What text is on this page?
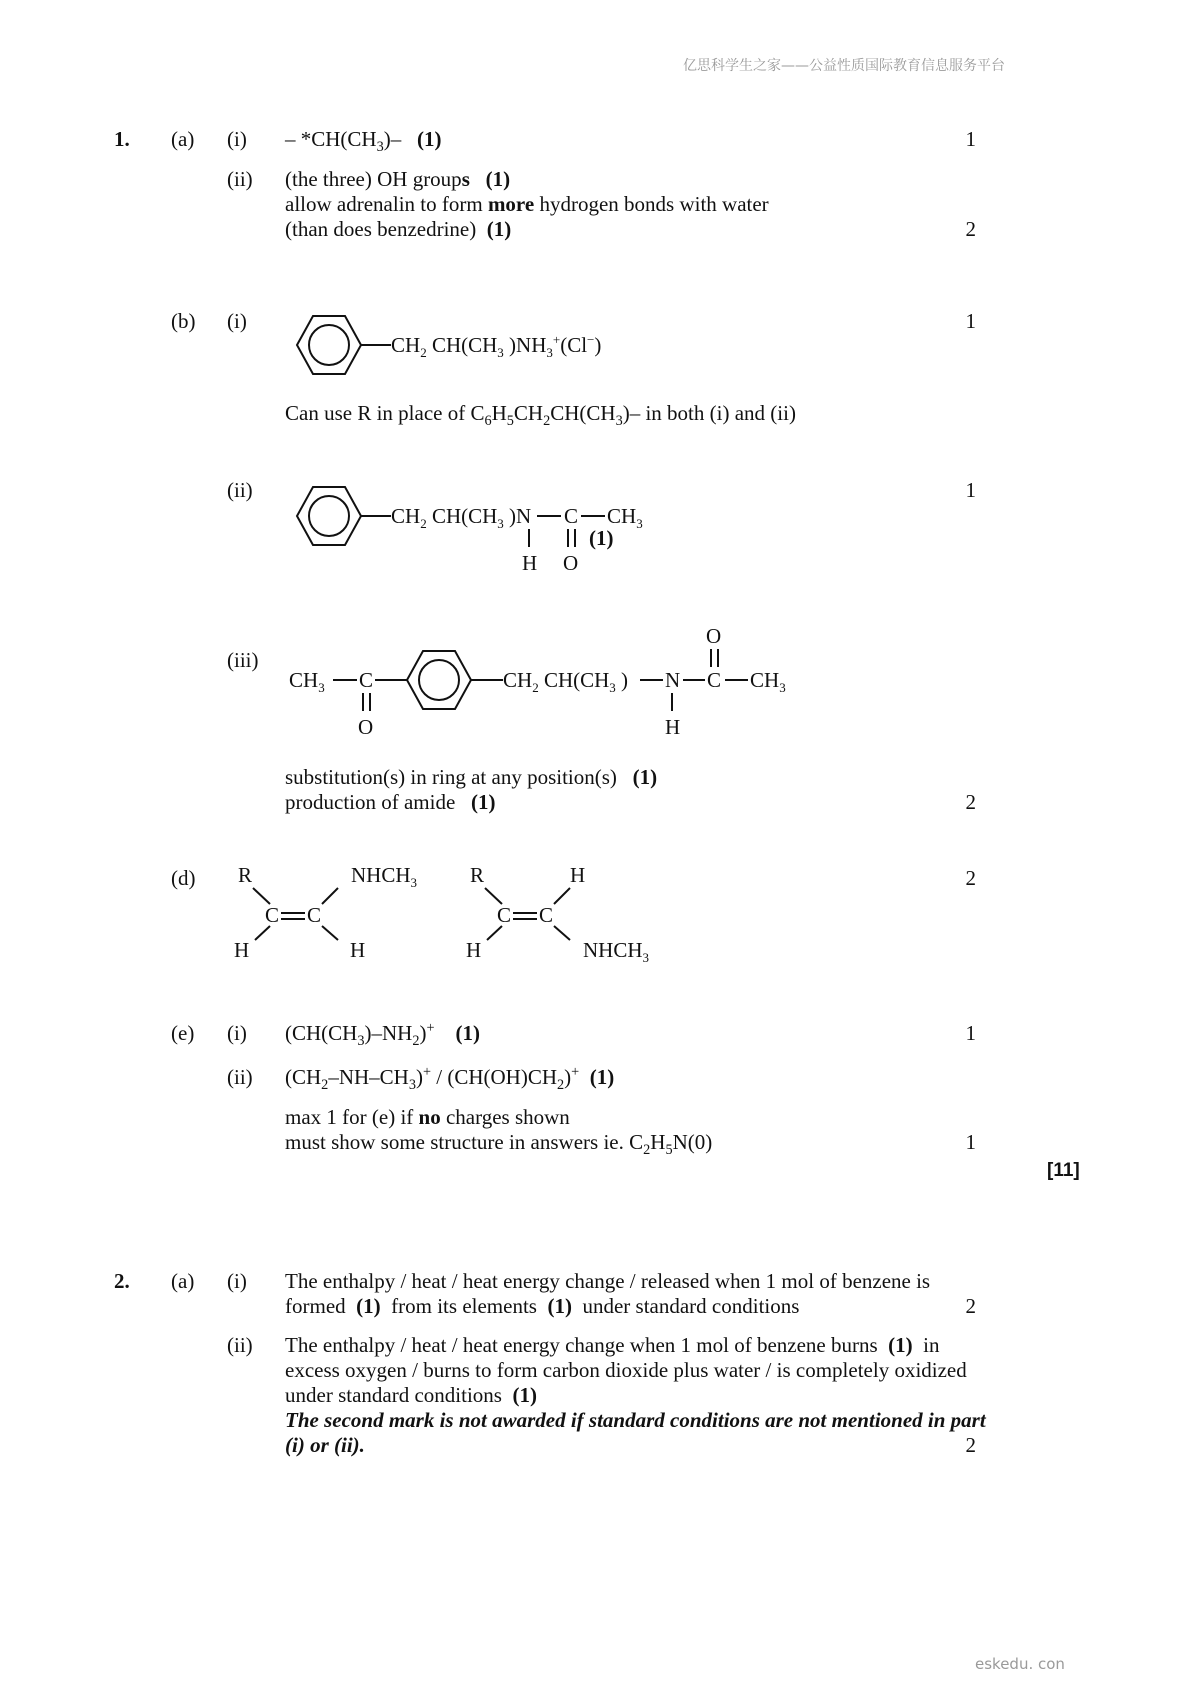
亿思科学生之家——公益性质国际教育信息服务平台
eskedu. con
1. (a) $(i) - *CH(CH_3)-$ (1)	1
(ii) (the three) OH groups (1)
allow adrenalin to form more hydrogen bonds with water
(than does benzedrine) (1)	2
(b) (i)	1
$CH_2$ $CH(CH_3$ )$NH_3^+(Cl^-)$
Can use R in place of $C_6H_5CH_2CH(CH_3)-$ in both (i) and (ii)
(ii)	1
$CH_2$ $CH(CH_3$ )N C $CH_3$
H O
(1)
(iii)
$CH_3$ C
O
$CH_2$ $CH(CH_3$ ) N
H
C
O
$CH_3$
substitution(s) in ring at any position(s) (1)
production of amide (1)	2
(d)	2
R
C C
H
$NHCH_3$
H
R
C C
H
H
$NHCH_3$
(e) (i) $(CH(CH_3)-NH_2)^+$ (1)	1
(ii) $(CH_2-NH-CH_3)^+ / (CH(OH)CH_2)^+$ (1)
max 1 for (e) if no charges shown
must show some structure in answers ie. $C_2H_5N(0)$	1
[11]
2. (a) (i) The enthalpy / heat / heat energy change / released when 1 mol of benzene is
formed (1) from its elements (1) under standard conditions	2
(ii) The enthalpy / heat / heat energy change when 1 mol of benzene burns (1) in
excess oxygen / burns to form carbon dioxide plus water / is completely oxidized
under standard conditions (1)
The second mark is not awarded if standard conditions are not mentioned in part
(i) or (ii).	2
